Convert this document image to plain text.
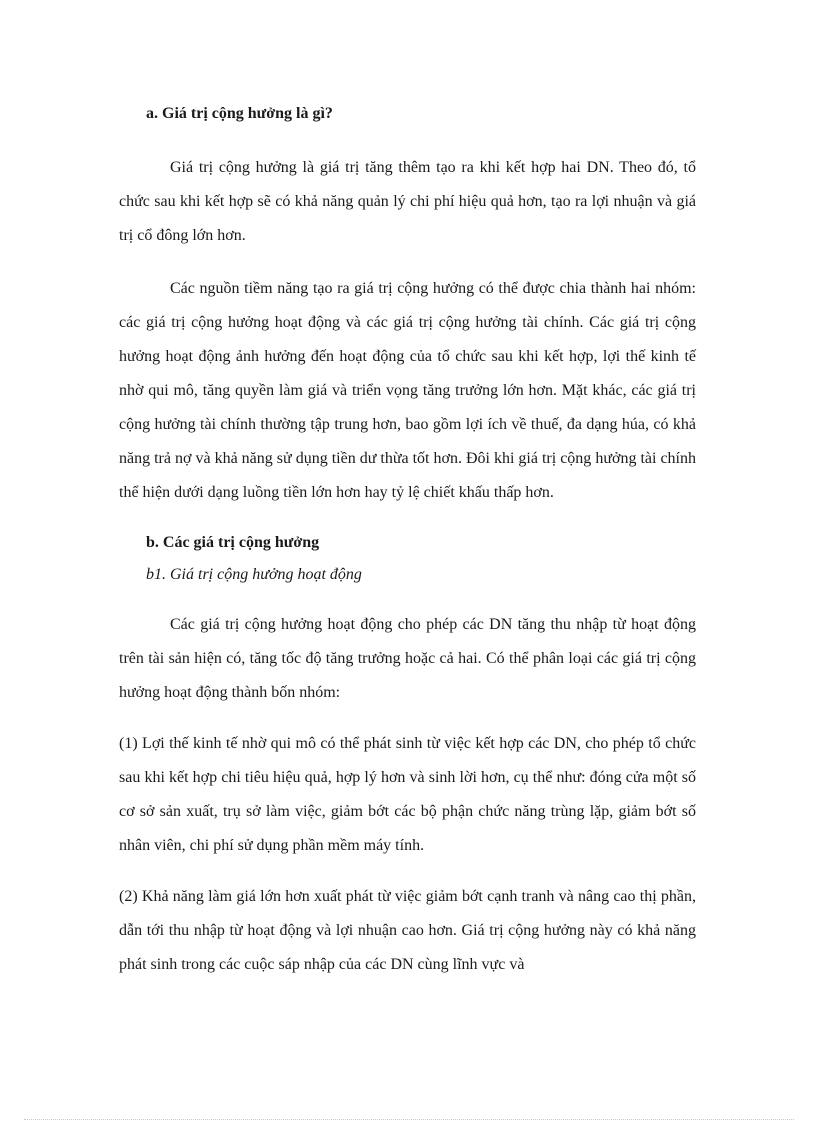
a. Giá trị cộng hưởng là gì?

Giá trị cộng hưởng là giá trị tăng thêm tạo ra khi kết hợp hai DN. Theo đó, tổ chức sau khi kết hợp sẽ có khả năng quản lý chi phí hiệu quả hơn, tạo ra lợi nhuận và giá trị cổ đông lớn hơn.

Các nguồn tiềm năng tạo ra giá trị cộng hưởng có thể được chia thành hai nhóm: các giá trị cộng hưởng hoạt động và các giá trị cộng hưởng tài chính. Các giá trị cộng hưởng hoạt động ảnh hưởng đến hoạt động của tổ chức sau khi kết hợp, lợi thế kinh tế nhờ qui mô, tăng quyền làm giá và triển vọng tăng trưởng lớn hơn. Mặt khác, các giá trị cộng hưởng tài chính thường tập trung hơn, bao gồm lợi ích về thuế, đa dạng húa, có khả năng trả nợ và khả năng sử dụng tiền dư thừa tốt hơn. Đôi khi giá trị cộng hưởng tài chính thể hiện dưới dạng luồng tiền lớn hơn hay tỷ lệ chiết khấu thấp hơn.

b. Các giá trị cộng hưởng

b1. Giá trị cộng hưởng hoạt động

Các giá trị cộng hưởng hoạt động cho phép các DN tăng thu nhập từ hoạt động trên tài sản hiện có, tăng tốc độ tăng trưởng hoặc cả hai. Có thể phân loại các giá trị cộng hưởng hoạt động thành bốn nhóm:

(1) Lợi thế kinh tế nhờ qui mô có thể phát sinh từ việc kết hợp các DN, cho phép tổ chức sau khi kết hợp chi tiêu hiệu quả, hợp lý hơn và sinh lời hơn, cụ thể như: đóng cửa một số cơ sở sản xuất, trụ sở làm việc, giảm bớt các bộ phận chức năng trùng lặp, giảm bớt số nhân viên, chi phí sử dụng phần mềm máy tính.

(2) Khả năng làm giá lớn hơn xuất phát từ việc giảm bớt cạnh tranh và nâng cao thị phần, dẫn tới thu nhập từ hoạt động và lợi nhuận cao hơn. Giá trị cộng hưởng này có khả năng phát sinh trong các cuộc sáp nhập của các DN cùng lĩnh vực và
